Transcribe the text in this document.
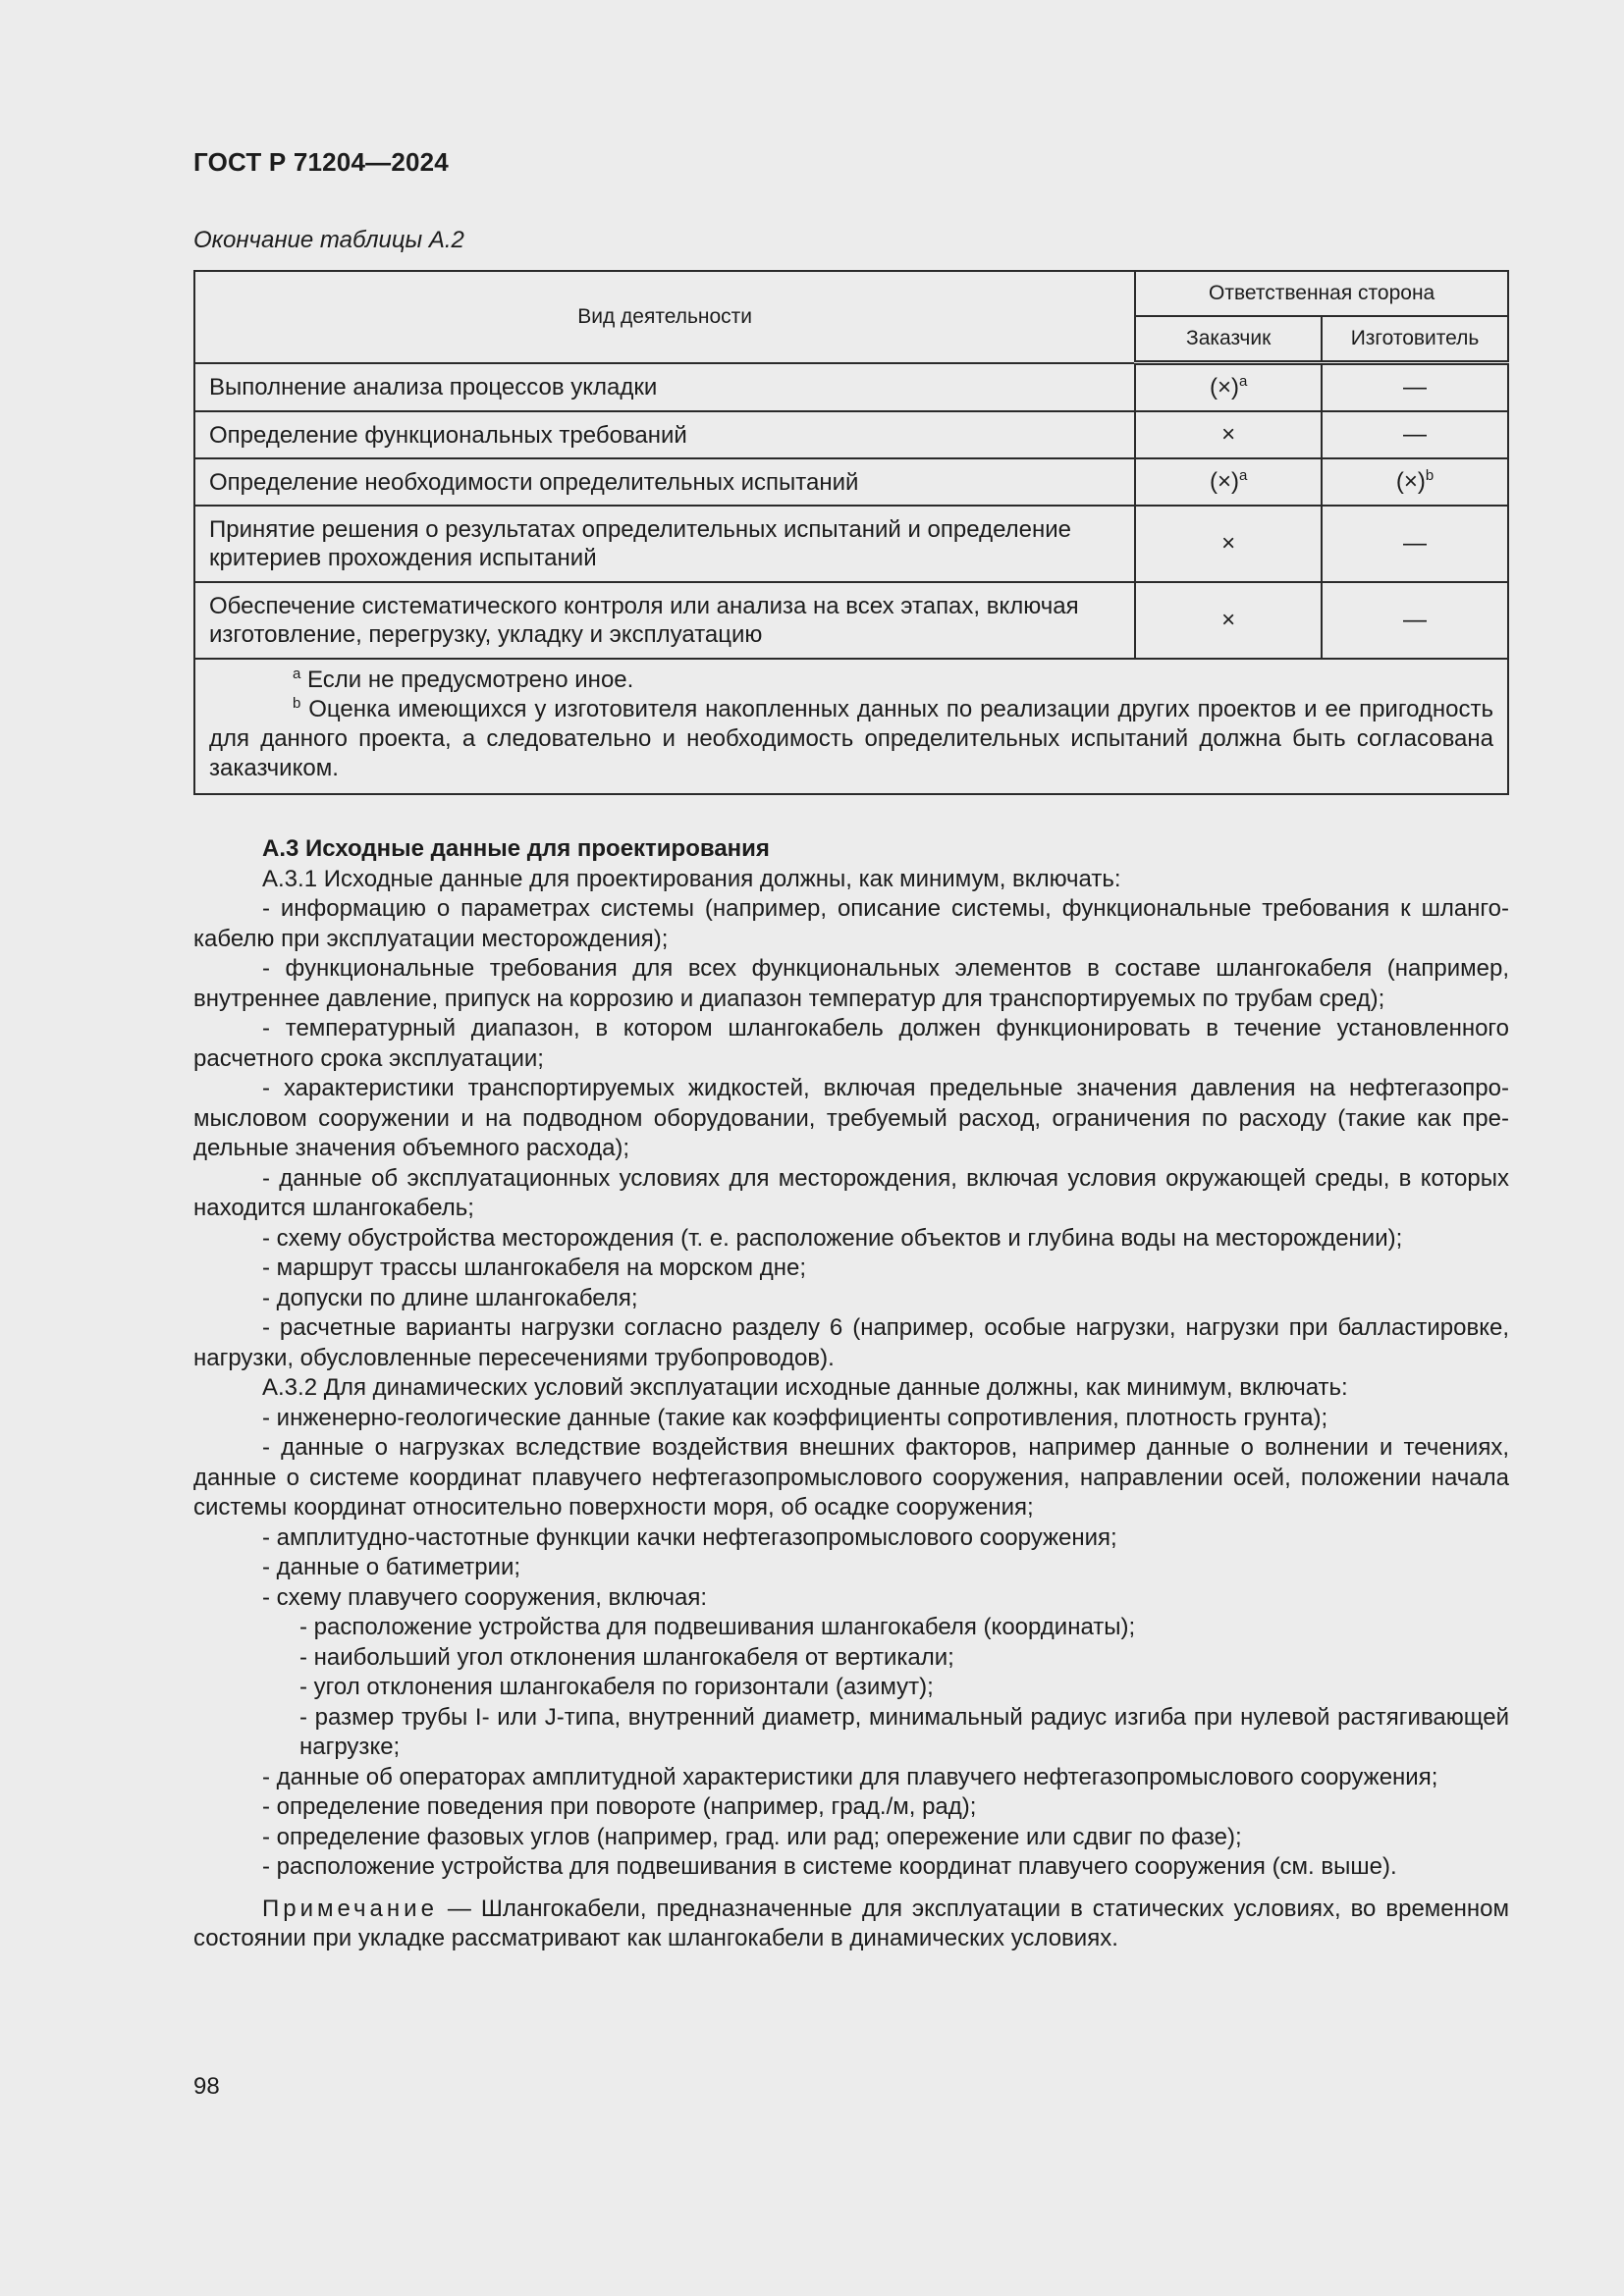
ГОСТ Р 71204—2024
Окончание таблицы А.2
Вид деятельности	Ответственная сторона	
	Заказчик	Изготовитель
Выполнение анализа процессов укладки	$(\times)^a$	—
Определение функциональных требований	×	—
Определение необходимости определительных испытаний	$(\times)^a$	$(\times)^b$
Принятие решения о результатах определительных испытаний и определение критериев прохождения испытаний	×	—
Обеспечение систематического контроля или анализа на всех этапах, включая изготовление, перегрузку, укладку и эксплуатацию	×	—

$^a$ Если не предусмотрено иное.
$^b$ Оценка имеющихся у изготовителя накопленных данных по реализации других проектов и ее пригодность для данного проекта, а следовательно и необходимость определительных испытаний должна быть согласована заказчиком.		

А.3 Исходные данные для проектирования

А.3.1 Исходные данные для проектирования должны, как минимум, включать:

- информацию о параметрах системы (например, описание системы, функциональные требования к шлангокабелю при эксплуатации месторождения);

- функциональные требования для всех функциональных элементов в составе шлангокабеля (например, внутреннее давление, припуск на коррозию и диапазон температур для транспортируемых по трубам сред);

- температурный диапазон, в котором шлангокабель должен функционировать в течение установленного расчетного срока эксплуатации;

- характеристики транспортируемых жидкостей, включая предельные значения давления на нефтегазопромысловом сооружении и на подводном оборудовании, требуемый расход, ограничения по расходу (такие как предельные значения объемного расхода);

- данные об эксплуатационных условиях для месторождения, включая условия окружающей среды, в которых находится шлангокабель;

- схему обустройства месторождения (т. е. расположение объектов и глубина воды на месторождении);

- маршрут трассы шлангокабеля на морском дне;

- допуски по длине шлангокабеля;

- расчетные варианты нагрузки согласно разделу 6 (например, особые нагрузки, нагрузки при балластировке, нагрузки, обусловленные пересечениями трубопроводов).

А.3.2 Для динамических условий эксплуатации исходные данные должны, как минимум, включать:

- инженерно-геологические данные (такие как коэффициенты сопротивления, плотность грунта);

- данные о нагрузках вследствие воздействия внешних факторов, например данные о волнении и течениях, данные о системе координат плавучего нефтегазопромыслового сооружения, направлении осей, положении начала системы координат относительно поверхности моря, об осадке сооружения;

- амплитудно-частотные функции качки нефтегазопромыслового сооружения;

- данные о батиметрии;

- схему плавучего сооружения, включая:

- расположение устройства для подвешивания шлангокабеля (координаты);

- наибольший угол отклонения шлангокабеля от вертикали;

- угол отклонения шлангокабеля по горизонтали (азимут);

- размер трубы I- или J-типа, внутренний диаметр, минимальный радиус изгиба при нулевой растягивающей нагрузке;

- данные об операторах амплитудной характеристики для плавучего нефтегазопромыслового сооружения;

- определение поведения при повороте (например, град./м, рад);

- определение фазовых углов (например, град. или рад; опережение или сдвиг по фазе);

- расположение устройства для подвешивания в системе координат плавучего сооружения (см. выше).

Примечание — Шлангокабели, предназначенные для эксплуатации в статических условиях, во временном состоянии при укладке рассматривают как шлангокабели в динамических условиях.

98
